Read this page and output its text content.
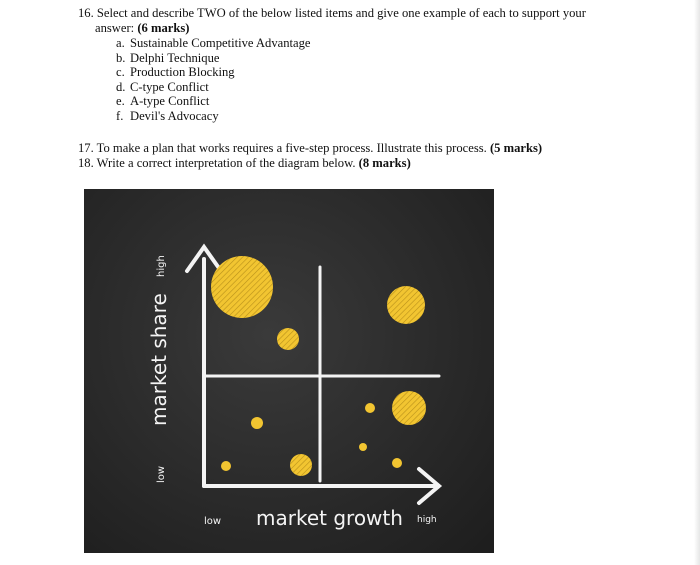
16. Select and describe TWO of the below listed items and give one example of each to support your
answer: (6 marks)
a. Sustainable Competitive Advantage
b. Delphi Technique
c. Production Blocking
d. C-type Conflict
e. A-type Conflict
f. Devil's Advocacy
17. To make a plan that works requires a five-step process. Illustrate this process. (5 marks)
18. Write a correct interpretation of the diagram below. (8 marks)
market share
low
high
market growth
low	high
